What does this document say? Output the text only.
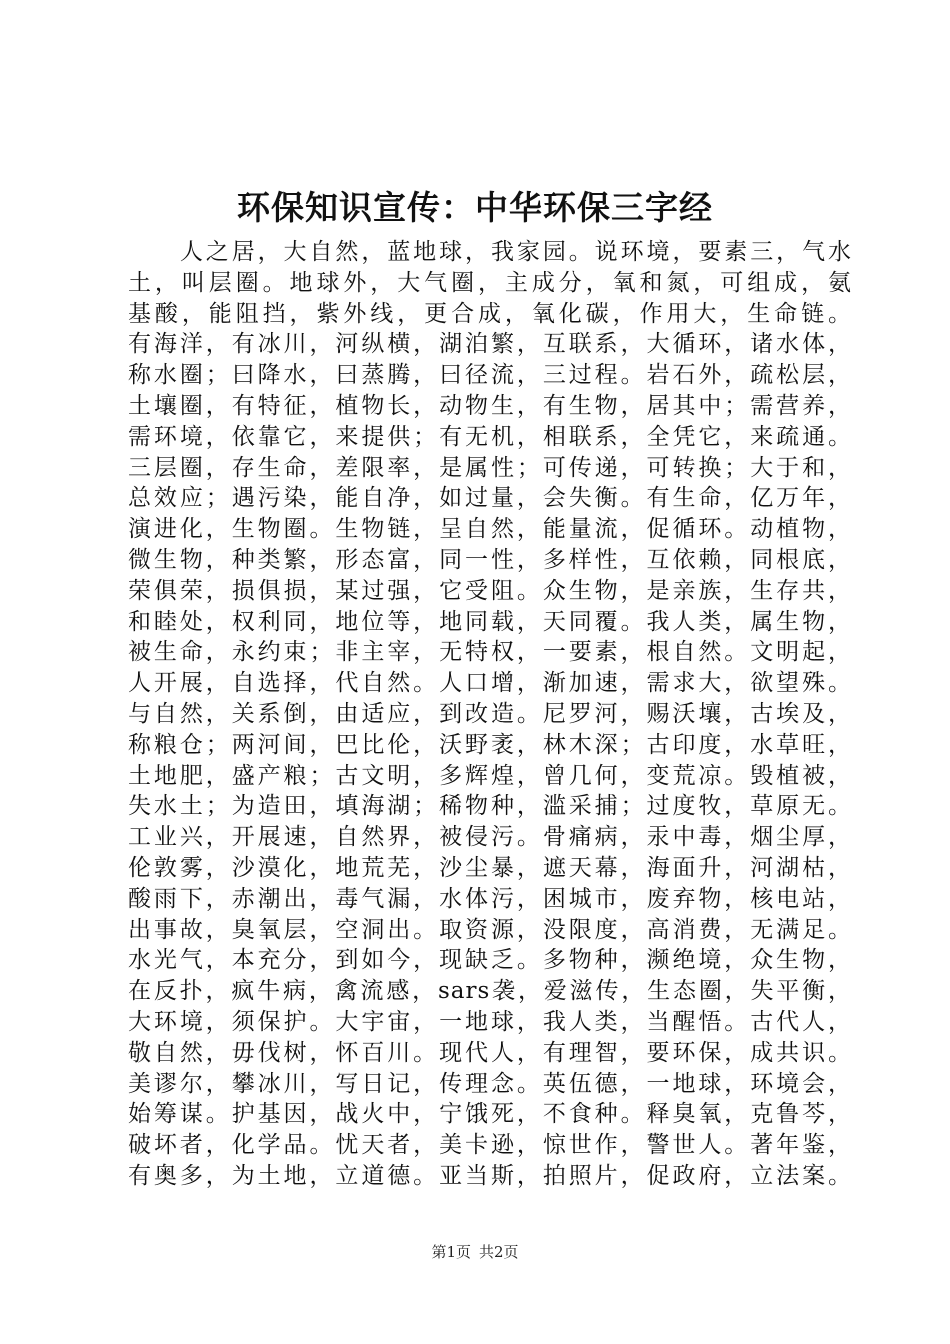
环保知识宣传：中华环保三字经
　　人之居，大自然，蓝地球，我家园。说环境，要素三，气水
土，叫层圈。地球外，大气圈，主成分，氧和氮，可组成，氨
基酸，能阻挡，紫外线，更合成，氧化碳，作用大，生命链。
有海洋，有冰川，河纵横，湖泊繁，互联系，大循环，诸水体，
称水圈；曰降水，曰蒸腾，曰径流，三过程。岩石外，疏松层，
土壤圈，有特征，植物长，动物生，有生物，居其中；需营养，
需环境，依靠它，来提供；有无机，相联系，全凭它，来疏通。
三层圈，存生命，差限率，是属性；可传递，可转换；大于和，
总效应；遇污染，能自净，如过量，会失衡。有生命，亿万年，
演进化，生物圈。生物链，呈自然，能量流，促循环。动植物，
微生物，种类繁，形态富，同一性，多样性，互依赖，同根底，
荣俱荣，损俱损，某过强，它受阻。众生物，是亲族，生存共，
和睦处，权利同，地位等，地同载，天同覆。我人类，属生物，
被生命，永约束；非主宰，无特权，一要素，根自然。文明起，
人开展，自选择，代自然。人口增，渐加速，需求大，欲望殊。
与自然，关系倒，由适应，到改造。尼罗河，赐沃壤，古埃及，
称粮仓；两河间，巴比伦，沃野袤，林木深；古印度，水草旺，
土地肥，盛产粮；古文明，多辉煌，曾几何，变荒凉。毁植被，
失水土；为造田，填海湖；稀物种，滥采捕；过度牧，草原无。
工业兴，开展速，自然界，被侵污。骨痛病，汞中毒，烟尘厚，
伦敦雾，沙漠化，地荒芜，沙尘暴，遮天幕，海面升，河湖枯，
酸雨下，赤潮出，毒气漏，水体污，困城市，废弃物，核电站，
出事故，臭氧层，空洞出。取资源，没限度，高消费，无满足。
水光气，本充分，到如今，现缺乏。多物种，濒绝境，众生物，
在反扑，疯牛病，禽流感，sars袭，爱滋传，生态圈，失平衡，
大环境，须保护。大宇宙，一地球，我人类，当醒悟。古代人，
敬自然，毋伐树，怀百川。现代人，有理智，要环保，成共识。
美谬尔，攀冰川，写日记，传理念。英伍德，一地球，环境会，
始筹谋。护基因，战火中，宁饿死，不食种。释臭氧，克鲁芩，
破坏者，化学品。忧天者，美卡逊，惊世作，警世人。著年鉴，
有奥多，为土地，立道德。亚当斯，拍照片，促政府，立法案。
第1页 共2页
